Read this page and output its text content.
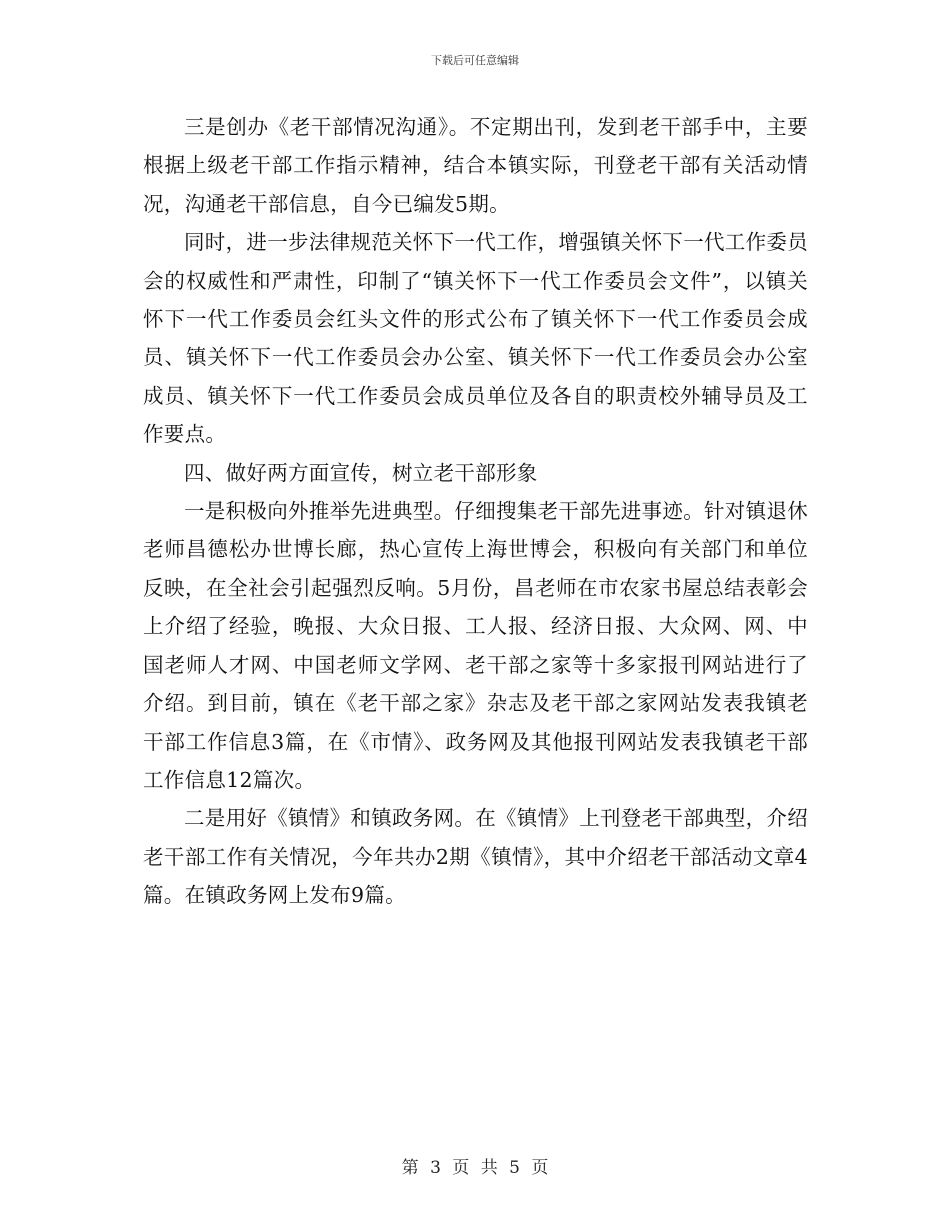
下载后可任意编辑

三是创办《老干部情况沟通》。不定期出刊，发到老干部手中，主要根据上级老干部工作指示精神，结合本镇实际，刊登老干部有关活动情况，沟通老干部信息，自今已编发5期。

同时，进一步法律规范关怀下一代工作，增强镇关怀下一代工作委员会的权威性和严肃性，印制了“镇关怀下一代工作委员会文件”，以镇关怀下一代工作委员会红头文件的形式公布了镇关怀下一代工作委员会成员、镇关怀下一代工作委员会办公室、镇关怀下一代工作委员会办公室成员、镇关怀下一代工作委员会成员单位及各自的职责校外辅导员及工作要点。

四、做好两方面宣传，树立老干部形象

一是积极向外推举先进典型。仔细搜集老干部先进事迹。针对镇退休老师昌德松办世博长廊，热心宣传上海世博会，积极向有关部门和单位反映，在全社会引起强烈反响。5月份，昌老师在市农家书屋总结表彰会上介绍了经验，晚报、大众日报、工人报、经济日报、大众网、网、中国老师人才网、中国老师文学网、老干部之家等十多家报刊网站进行了介绍。到目前，镇在《老干部之家》杂志及老干部之家网站发表我镇老干部工作信息3篇，在《市情》、政务网及其他报刊网站发表我镇老干部工作信息12篇次。

二是用好《镇情》和镇政务网。在《镇情》上刊登老干部典型，介绍老干部工作有关情况，今年共办2期《镇情》，其中介绍老干部活动文章4篇。在镇政务网上发布9篇。

第 3 页 共 5 页
